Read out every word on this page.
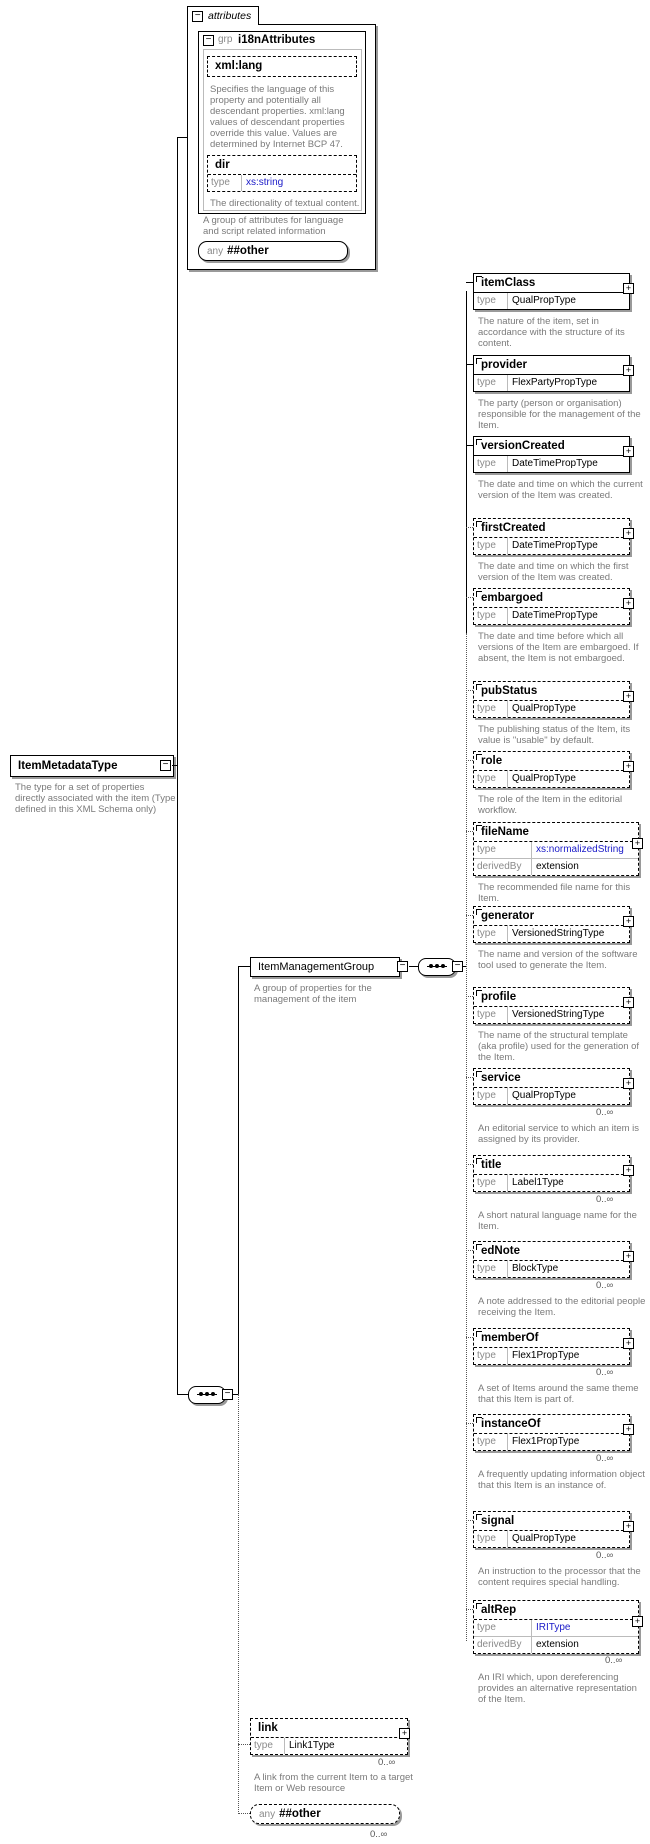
− attributes
− grp i18nAttributes
xml:lang
Specifies the language of this property and potentially all descendant properties. xml:lang values of descendant properties override this value. Values are determined by Internet BCP 47.
dir
type	xs:string
The directionality of textual content.
A group of attributes for language and script related information
any ##other
ItemMetadataType	−
The type for a set of properties directly associated with the item (Type defined in this XML Schema only)
−
ItemManagementGroup	−
A group of properties for the management of the item
−
itemClass
type	QualPropType
+
The nature of the item, set in accordance with the structure of its content.
provider
type	FlexPartyPropType
+
The party (person or organisation) responsible for the management of the Item.
versionCreated
type	DateTimePropType
+
The date and time on which the current version of the Item was created.
firstCreated
type	DateTimePropType
+
The date and time on which the first version of the Item was created.
embargoed
type	DateTimePropType
+
The date and time before which all versions of the Item are embargoed. If absent, the Item is not embargoed.
pubStatus
type	QualPropType
+
The publishing status of the Item, its value is "usable" by default.
role
type	QualPropType
+
The role of the Item in the editorial workflow.
fileName
type	xs:normalizedString
derivedBy	extension
+
The recommended file name for this Item.
generator
type	VersionedStringType
+
The name and version of the software tool used to generate the Item.
profile
type	VersionedStringType
+
The name of the structural template (aka profile) used for the generation of the Item.
service
type	QualPropType
+
0..∞
An editorial service to which an item is assigned by its provider.
title
type	Label1Type
+
0..∞
A short natural language name for the Item.
edNote
type	BlockType
+
0..∞
A note addressed to the editorial people receiving the Item.
memberOf
type	Flex1PropType
+
0..∞
A set of Items around the same theme that this Item is part of.
instanceOf
type	Flex1PropType
+
0..∞
A frequently updating information object that this Item is an instance of.
signal
type	QualPropType
+
0..∞
An instruction to the processor that the content requires special handling.
altRep
type	IRIType
derivedBy	extension
+
0..∞
An IRI which, upon dereferencing provides an alternative representation of the Item.
link
type	Link1Type
+
0..∞
A link from the current Item to a target Item or Web resource
any ##other
0..∞
